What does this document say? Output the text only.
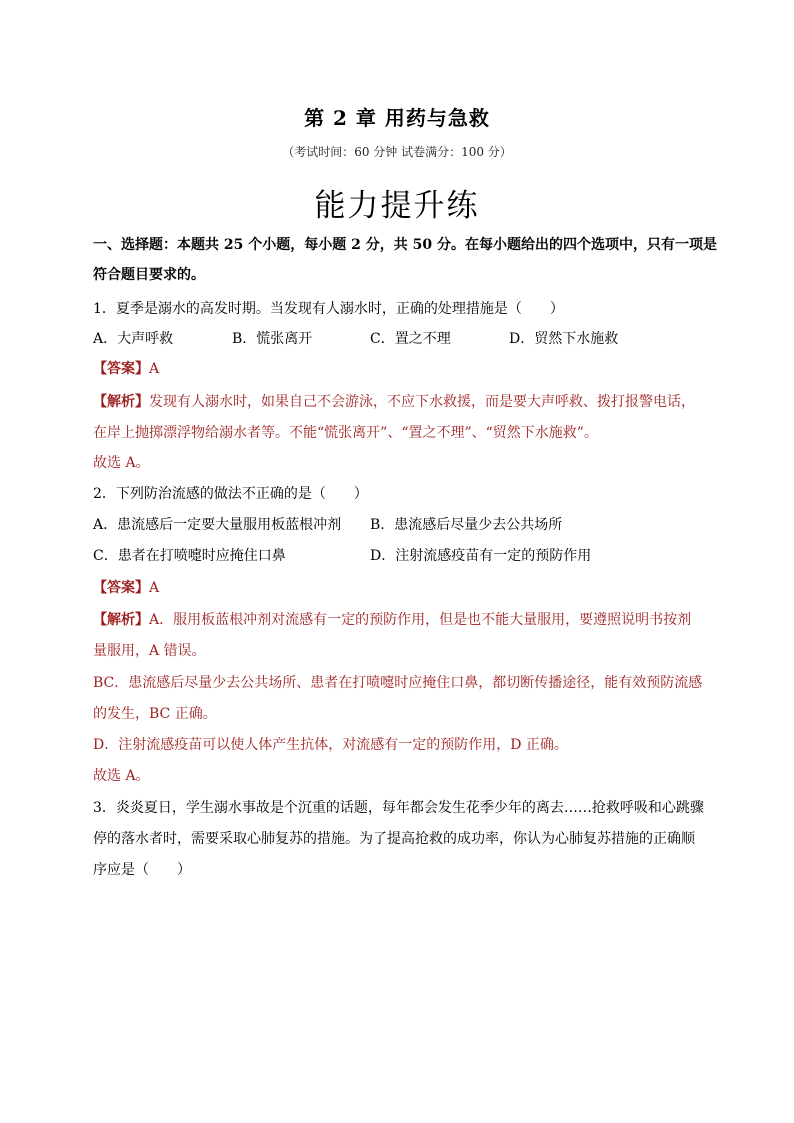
第 2 章 用药与急救
（考试时间：60 分钟 试卷满分：100 分）
能力提升练
一、选择题：本题共 25 个小题，每小题 2 分，共 50 分。在每小题给出的四个选项中，只有一项是
符合题目要求的。
1．夏季是溺水的高发时期。当发现有人溺水时，正确的处理措施是（　　）
A．大声呼救	B．慌张离开	C．置之不理	D．贸然下水施救
【答案】A
【解析】发现有人溺水时，如果自己不会游泳，不应下水救援，而是要大声呼救、拨打报警电话，
在岸上抛掷漂浮物给溺水者等。不能“慌张离开”、“置之不理”、“贸然下水施救”。
故选 A。
2．下列防治流感的做法不正确的是（　　）
A．患流感后一定要大量服用板蓝根冲剂 B．患流感后尽量少去公共场所
C．患者在打喷嚏时应掩住口鼻	D．注射流感疫苗有一定的预防作用
【答案】A
【解析】A．服用板蓝根冲剂对流感有一定的预防作用，但是也不能大量服用，要遵照说明书按剂
量服用，A 错误。
BC．患流感后尽量少去公共场所、患者在打喷嚏时应掩住口鼻，都切断传播途径，能有效预防流感
的发生，BC 正确。
D．注射流感疫苗可以使人体产生抗体，对流感有一定的预防作用，D 正确。
故选 A。
3．炎炎夏日，学生溺水事故是个沉重的话题，每年都会发生花季少年的离去……抢救呼吸和心跳骤
停的落水者时，需要采取心肺复苏的措施。为了提高抢救的成功率，你认为心肺复苏措施的正确顺
序应是（　　）
